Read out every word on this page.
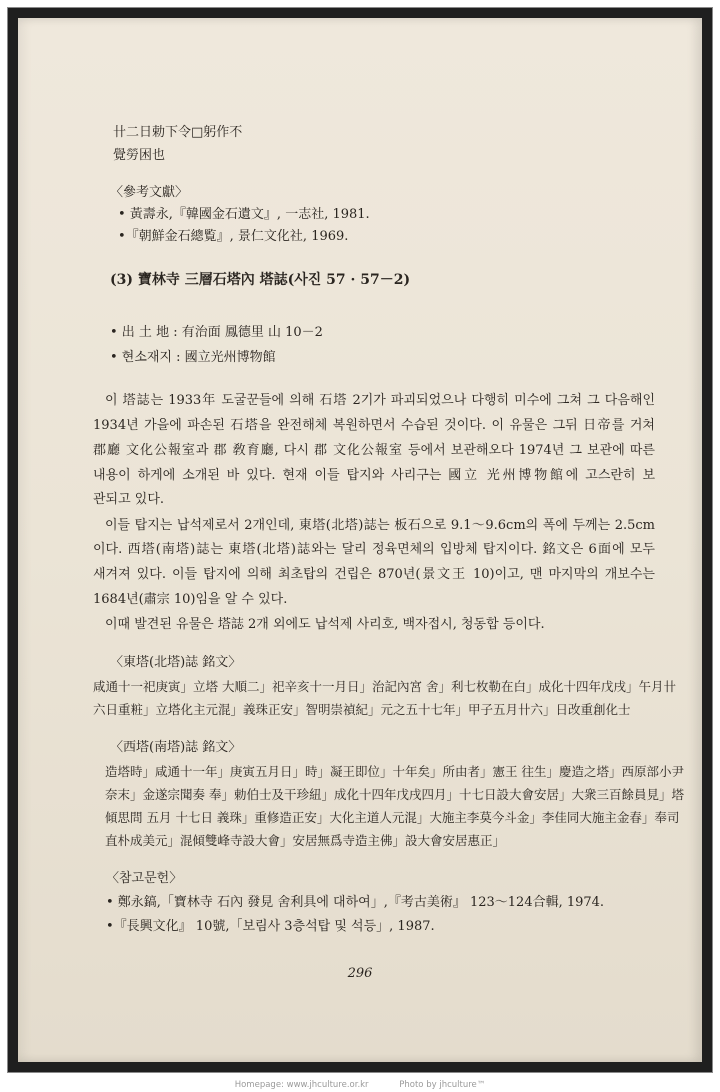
卄二日勅下令□躬作不
覺勞困也
〈參考文獻〉
• 黃壽永,『韓國金石遺文』, 一志社, 1981.
•『朝鮮金石總覧』, 景仁文化社, 1969.
(3) 寶林寺 三層石塔內 塔誌(사진 57 · 57－2)
• 出 土 地 : 有治面 鳳德里 山 10－2
• 현소재지 : 國立光州博物館
이 塔誌는 1933年 도굴꾼들에 의해 石塔 2기가 파괴되었으나 다행히 미수에 그쳐 그 다음해인
1934년 가을에 파손된 石塔을 완전해체 복원하면서 수습된 것이다. 이 유물은 그뒤 日帝를 거쳐
郡廳 文化公報室과 郡 敎育廳, 다시 郡 文化公報室 등에서 보관해오다 1974년 그 보관에 따른
내용이 하게에 소개된 바 있다. 현재 이들 탑지와 사리구는 國立 光州博物館에 고스란히 보
관되고 있다.
이들 탑지는 납석제로서 2개인데, 東塔(北塔)誌는 板石으로 9.1～9.6cm의 폭에 두께는 2.5cm
이다. 西塔(南塔)誌는 東塔(北塔)誌와는 달리 정육면체의 입방체 탑지이다. 銘文은 6面에 모두
새겨져 있다. 이들 탑지에 의해 최초탑의 건립은 870년(景文王 10)이고, 맨 마지막의 개보수는
1684년(肅宗 10)임을 알 수 있다.
이때 발견된 유물은 塔誌 2개 외에도 납석제 사리호, 백자접시, 청동합 등이다.
〈東塔(北塔)誌 銘文〉
咸通十一祀庚寅」立塔 大順二」祀辛亥十一月日」治記內宮 舍」利七枚勒在白」成化十四年戊戌」午月卄
六日重粧」立塔化主元混」義珠正安」智明崇禎紀」元之五十七年」甲子五月卄六」日改重創化士
〈西塔(南塔)誌 銘文〉
造塔時」咸通十一年」庚寅五月日」時」凝王即位」十年矣」所由者」憲王 往生」慶造之塔」西原部小尹
奈末」金遂宗聞奏 奉」勅伯士及干珍紐」成化十四年戊戌四月」十七日設大會安居」大衆三百餘員見」塔
傾思問 五月 十七日 義珠」重修造正安」大化主道人元混」大施主李莫今斗金」李佳同大施主金春」奉司
直朴成美元」混傾雙峰寺設大會」安居無爲寺造主佛」設大會安居惠正」
〈참고문헌〉
• 鄭永鎬,「寶林寺 石內 發見 舍利具에 대하여」,『考古美術』 123～124合輯, 1974.
•『長興文化』 10號,「보림사 3층석탑 및 석등」, 1987.
296
Homepage: www.jhculture.or.kr	Photo by jhculture™
